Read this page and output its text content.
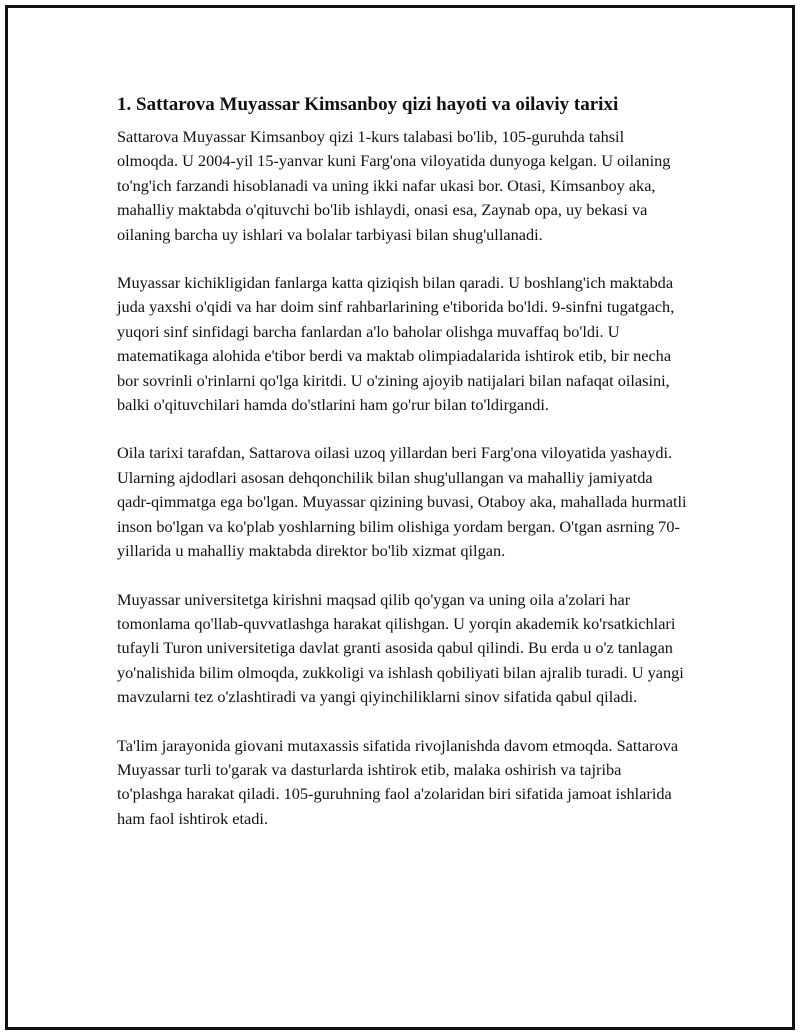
1. Sattarova Muyassar Kimsanboy qizi hayoti va oilaviy tarixi

Sattarova Muyassar Kimsanboy qizi 1-kurs talabasi bo'lib, 105-guruhda tahsil olmoqda. U 2004-yil 15-yanvar kuni Farg'ona viloyatida dunyoga kelgan. U oilaning to'ng'ich farzandi hisoblanadi va uning ikki nafar ukasi bor. Otasi, Kimsanboy aka, mahalliy maktabda o'qituvchi bo'lib ishlaydi, onasi esa, Zaynab opa, uy bekasi va oilaning barcha uy ishlari va bolalar tarbiyasi bilan shug'ullanadi.

Muyassar kichikligidan fanlarga katta qiziqish bilan qaradi. U boshlang'ich maktabda juda yaxshi o'qidi va har doim sinf rahbarlarining e'tiborida bo'ldi. 9-sinfni tugatgach, yuqori sinf sinfidagi barcha fanlardan a'lo baholar olishga muvaffaq bo'ldi. U matematikaga alohida e'tibor berdi va maktab olimpiadalarida ishtirok etib, bir necha bor sovrinli o'rinlarni qo'lga kiritdi. U o'zining ajoyib natijalari bilan nafaqat oilasini, balki o'qituvchilari hamda do'stlarini ham go'rur bilan to'ldirgandi.

Oila tarixi tarafdan, Sattarova oilasi uzoq yillardan beri Farg'ona viloyatida yashaydi. Ularning ajdodlari asosan dehqonchilik bilan shug'ullangan va mahalliy jamiyatda qadr-qimmatga ega bo'lgan. Muyassar qizining buvasi, Otaboy aka, mahallada hurmatli inson bo'lgan va ko'plab yoshlarning bilim olishiga yordam bergan. O'tgan asrning 70-yillarida u mahalliy maktabda direktor bo'lib xizmat qilgan.

Muyassar universitetga kirishni maqsad qilib qo'ygan va uning oila a'zolari har tomonlama qo'llab-quvvatlashga harakat qilishgan. U yorqin akademik ko'rsatkichlari tufayli Turon universitetiga davlat granti asosida qabul qilindi. Bu erda u o'z tanlagan yo'nalishida bilim olmoqda, zukkoligi va ishlash qobiliyati bilan ajralib turadi. U yangi mavzularni tez o'zlashtiradi va yangi qiyinchiliklarni sinov sifatida qabul qiladi.

Ta'lim jarayonida giovani mutaxassis sifatida rivojlanishda davom etmoqda. Sattarova Muyassar turli to'garak va dasturlarda ishtirok etib, malaka oshirish va tajriba to'plashga harakat qiladi. 105-guruhning faol a'zolaridan biri sifatida jamoat ishlarida ham faol ishtirok etadi.
